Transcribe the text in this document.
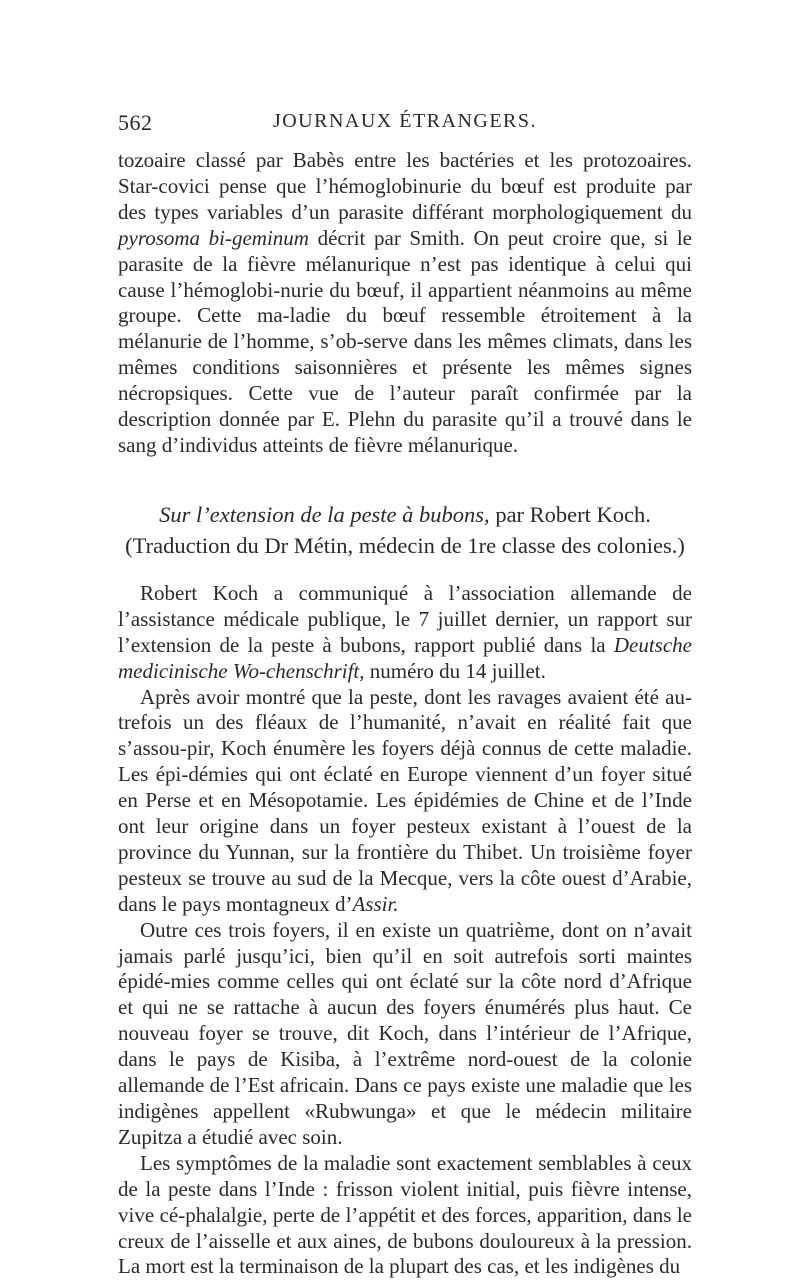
562	JOURNAUX ÉTRANGERS.

tozoaire classé par Babès entre les bactéries et les protozoaires. Star-covici pense que l’hémoglobinurie du bœuf est produite par des types variables d’un parasite différant morphologiquement du pyrosoma bi-geminum décrit par Smith. On peut croire que, si le parasite de la fièvre mélanurique n’est pas identique à celui qui cause l’hémoglobi-nurie du bœuf, il appartient néanmoins au même groupe. Cette ma-ladie du bœuf ressemble étroitement à la mélanurie de l’homme, s’ob-serve dans les mêmes climats, dans les mêmes conditions saisonnières et présente les mêmes signes nécropsiques. Cette vue de l’auteur paraît confirmée par la description donnée par E. Plehn du parasite qu’il a trouvé dans le sang d’individus atteints de fièvre mélanurique.

Sur l’extension de la peste à bubons, par Robert Koch.
(Traduction du Dr Métin, médecin de 1re classe des colonies.)

Robert Koch a communiqué à l’association allemande de l’assistance médicale publique, le 7 juillet dernier, un rapport sur l’extension de la peste à bubons, rapport publié dans la Deutsche medicinische Wo-chenschrift, numéro du 14 juillet.

Après avoir montré que la peste, dont les ravages avaient été au-trefois un des fléaux de l’humanité, n’avait en réalité fait que s’assou-pir, Koch énumère les foyers déjà connus de cette maladie. Les épi-démies qui ont éclaté en Europe viennent d’un foyer situé en Perse et en Mésopotamie. Les épidémies de Chine et de l’Inde ont leur origine dans un foyer pesteux existant à l’ouest de la province du Yunnan, sur la frontière du Thibet. Un troisième foyer pesteux se trouve au sud de la Mecque, vers la côte ouest d’Arabie, dans le pays montagneux d’Assir.

Outre ces trois foyers, il en existe un quatrième, dont on n’avait jamais parlé jusqu’ici, bien qu’il en soit autrefois sorti maintes épidé-mies comme celles qui ont éclaté sur la côte nord d’Afrique et qui ne se rattache à aucun des foyers énumérés plus haut. Ce nouveau foyer se trouve, dit Koch, dans l’intérieur de l’Afrique, dans le pays de Kisiba, à l’extrême nord-ouest de la colonie allemande de l’Est africain. Dans ce pays existe une maladie que les indigènes appellent «Rubwunga» et que le médecin militaire Zupitza a étudié avec soin.

Les symptômes de la maladie sont exactement semblables à ceux de la peste dans l’Inde : frisson violent initial, puis fièvre intense, vive cé-phalalgie, perte de l’appétit et des forces, apparition, dans le creux de l’aisselle et aux aines, de bubons douloureux à la pression. La mort est la terminaison de la plupart des cas, et les indigènes du
